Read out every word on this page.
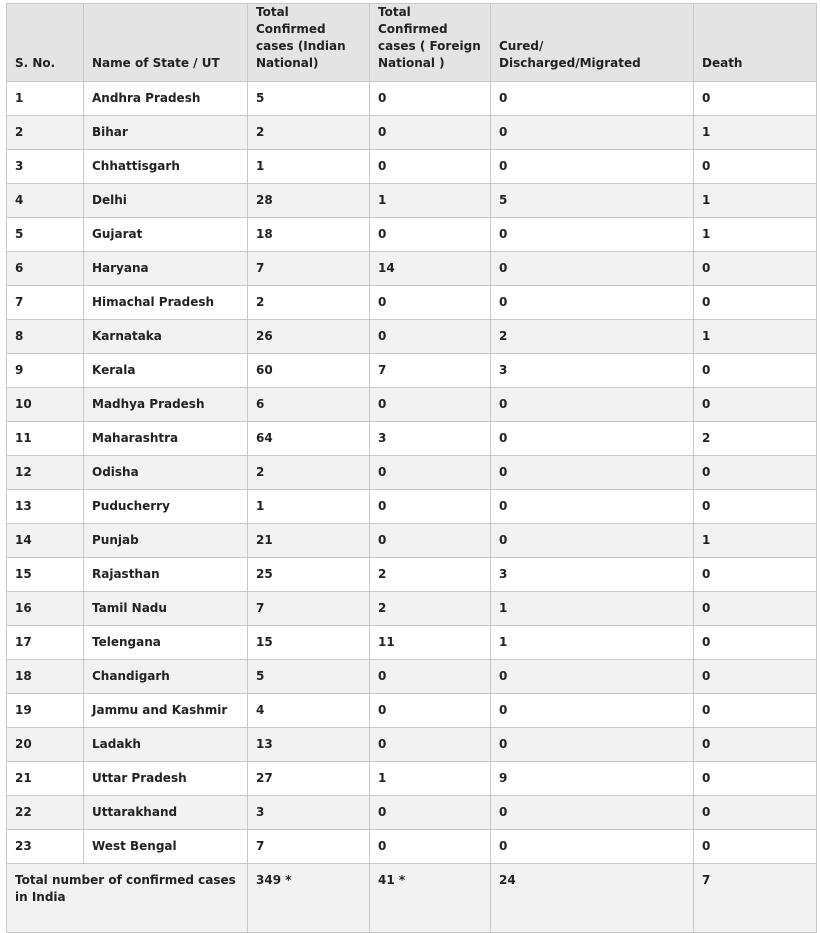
S. No.	Name of State / UT	Total Confirmed cases (Indian National)	Total Confirmed cases ( Foreign National )	Cured/ Discharged/Migrated	Death
1	Andhra Pradesh	5	0	0	0
2	Bihar	2	0	0	1
3	Chhattisgarh	1	0	0	0
4	Delhi	28	1	5	1
5	Gujarat	18	0	0	1
6	Haryana	7	14	0	0
7	Himachal Pradesh	2	0	0	0
8	Karnataka	26	0	2	1
9	Kerala	60	7	3	0
10	Madhya Pradesh	6	0	0	0
11	Maharashtra	64	3	0	2
12	Odisha	2	0	0	0
13	Puducherry	1	0	0	0
14	Punjab	21	0	0	1
15	Rajasthan	25	2	3	0
16	Tamil Nadu	7	2	1	0
17	Telengana	15	11	1	0
18	Chandigarh	5	0	0	0
19	Jammu and Kashmir	4	0	0	0
20	Ladakh	13	0	0	0
21	Uttar Pradesh	27	1	9	0
22	Uttarakhand	3	0	0	0
23	West Bengal	7	0	0	0
Total number of confirmed cases in India		349 *	41 *	24	7
